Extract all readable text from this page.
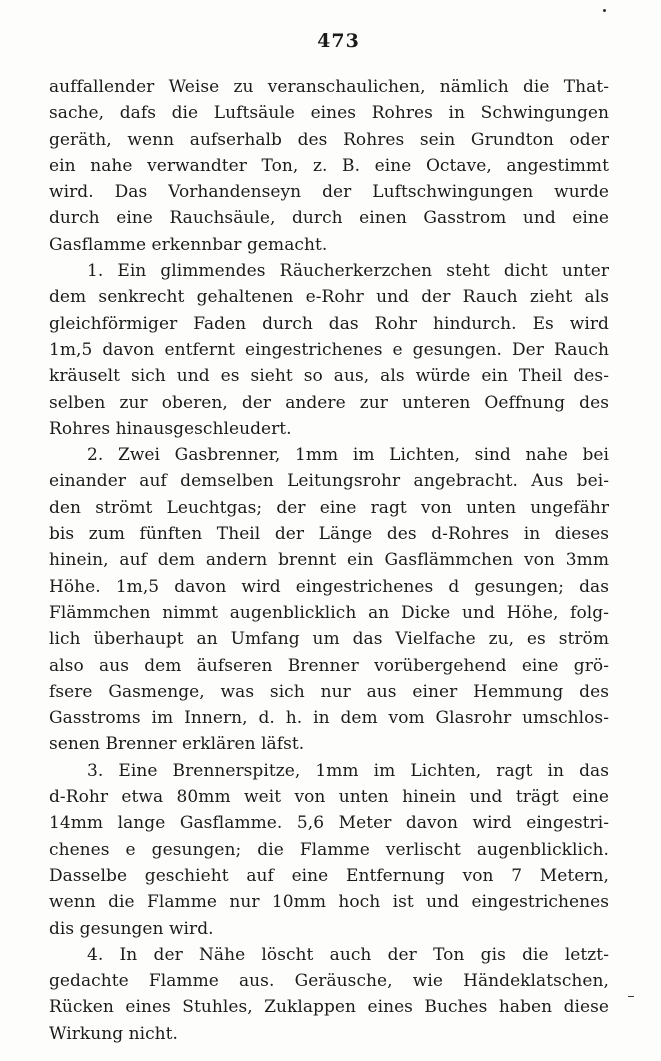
473
auffallender Weise zu veranschaulichen, nämlich die That-
sache, dafs die Luftsäule eines Rohres in Schwingungen
geräth, wenn aufserhalb des Rohres sein Grundton oder
ein nahe verwandter Ton, z. B. eine Octave, angestimmt
wird. Das Vorhandenseyn der Luftschwingungen wurde
durch eine Rauchsäule, durch einen Gasstrom und eine
Gasflamme erkennbar gemacht.
1. Ein glimmendes Räucherkerzchen steht dicht unter
dem senkrecht gehaltenen e-Rohr und der Rauch zieht als
gleichförmiger Faden durch das Rohr hindurch. Es wird
1m,5 davon entfernt eingestrichenes e gesungen. Der Rauch
kräuselt sich und es sieht so aus, als würde ein Theil des-
selben zur oberen, der andere zur unteren Oeffnung des
Rohres hinausgeschleudert.
2. Zwei Gasbrenner, 1mm im Lichten, sind nahe bei
einander auf demselben Leitungsrohr angebracht. Aus bei-
den strömt Leuchtgas; der eine ragt von unten ungefähr
bis zum fünften Theil der Länge des d-Rohres in dieses
hinein, auf dem andern brennt ein Gasflämmchen von 3mm
Höhe. 1m,5 davon wird eingestrichenes d gesungen; das
Flämmchen nimmt augenblicklich an Dicke und Höhe, folg-
lich überhaupt an Umfang um das Vielfache zu, es ström
also aus dem äufseren Brenner vorübergehend eine grö-
fsere Gasmenge, was sich nur aus einer Hemmung des
Gasstroms im Innern, d. h. in dem vom Glasrohr umschlos-
senen Brenner erklären läfst.
3. Eine Brennerspitze, 1mm im Lichten, ragt in das
d-Rohr etwa 80mm weit von unten hinein und trägt eine
14mm lange Gasflamme. 5,6 Meter davon wird eingestri-
chenes e gesungen; die Flamme verlischt augenblicklich.
Dasselbe geschieht auf eine Entfernung von 7 Metern,
wenn die Flamme nur 10mm hoch ist und eingestrichenes
dis gesungen wird.
4. In der Nähe löscht auch der Ton gis die letzt-
gedachte Flamme aus. Geräusche, wie Händeklatschen,
Rücken eines Stuhles, Zuklappen eines Buches haben diese
Wirkung nicht.
